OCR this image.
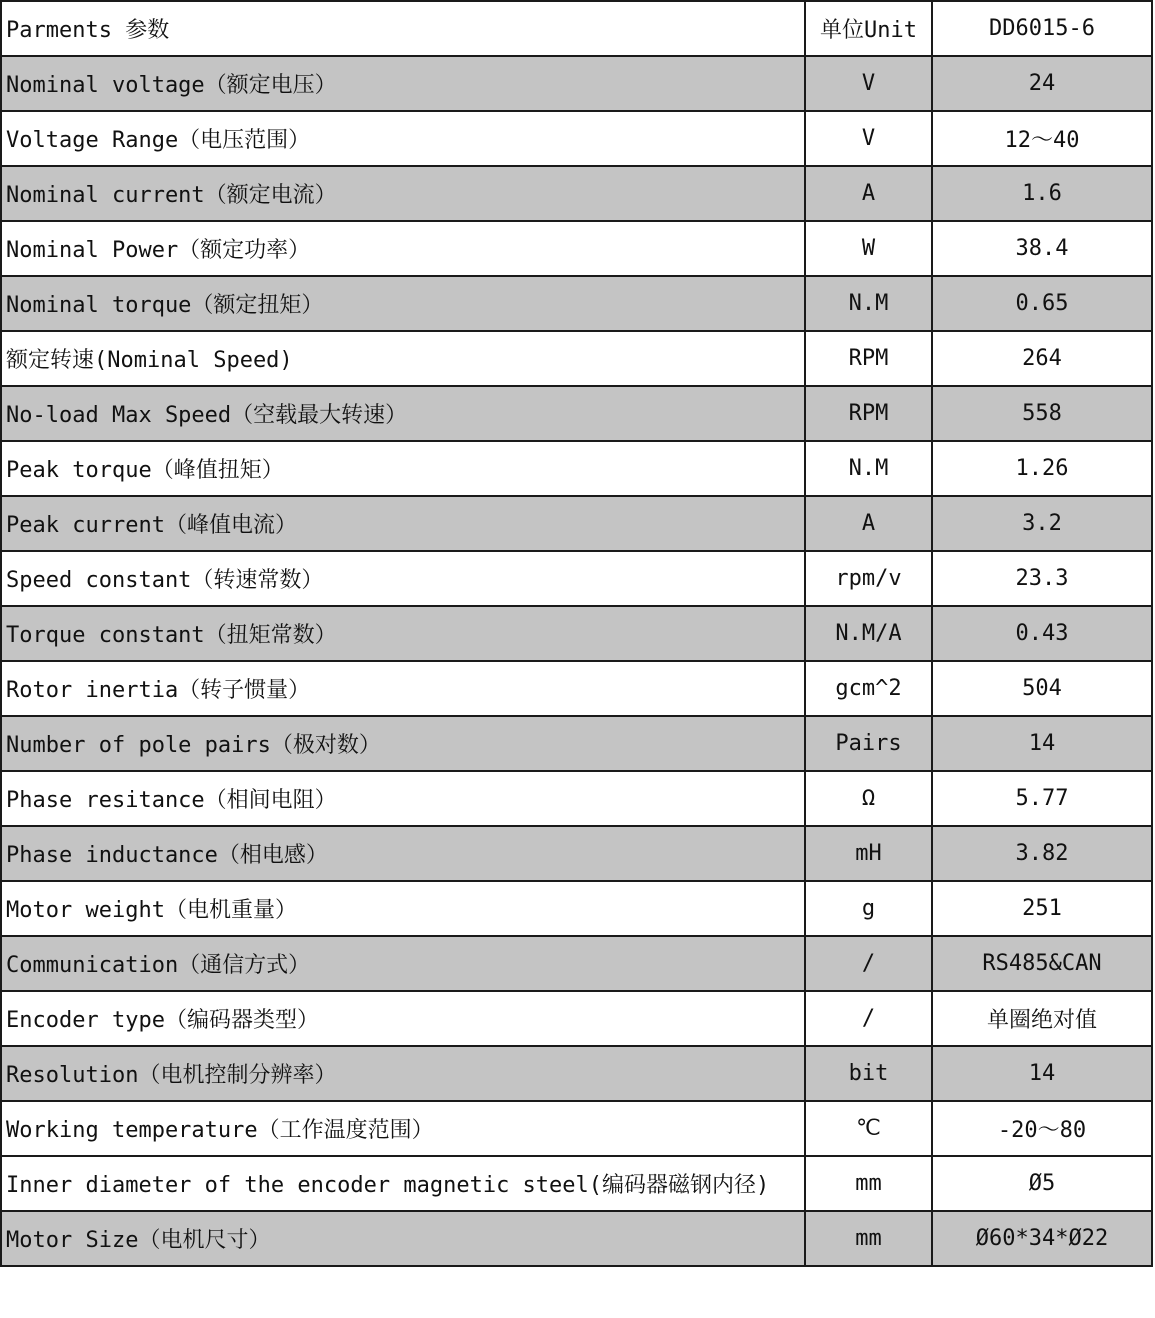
Parments 参数	单位Unit	DD6015-6
Nominal voltage（额定电压）	V	24
Voltage Range（电压范围）	V	12～40
Nominal current（额定电流）	A	1.6
Nominal Power（额定功率）	W	38.4
Nominal torque（额定扭矩）	N.M	0.65
额定转速(Nominal Speed)	RPM	264
No-load Max Speed（空载最大转速）	RPM	558
Peak torque（峰值扭矩）	N.M	1.26
Peak current（峰值电流）	A	3.2
Speed constant（转速常数）	rpm/v	23.3
Torque constant（扭矩常数）	N.M/A	0.43
Rotor inertia（转子惯量）	gcm^2	504
Number of pole pairs（极对数）	Pairs	14
Phase resitance（相间电阻）	Ω	5.77
Phase inductance（相电感）	mH	3.82
Motor weight（电机重量）	g	251
Communication（通信方式）	/	RS485&CAN
Encoder type（编码器类型）	/	单圈绝对值
Resolution（电机控制分辨率）	bit	14
Working temperature（工作温度范围）	℃	-20～80
Inner diameter of the encoder magnetic steel(编码器磁钢内径)	mm	Ø5
Motor Size（电机尺寸）	mm	Ø60*34*Ø22
